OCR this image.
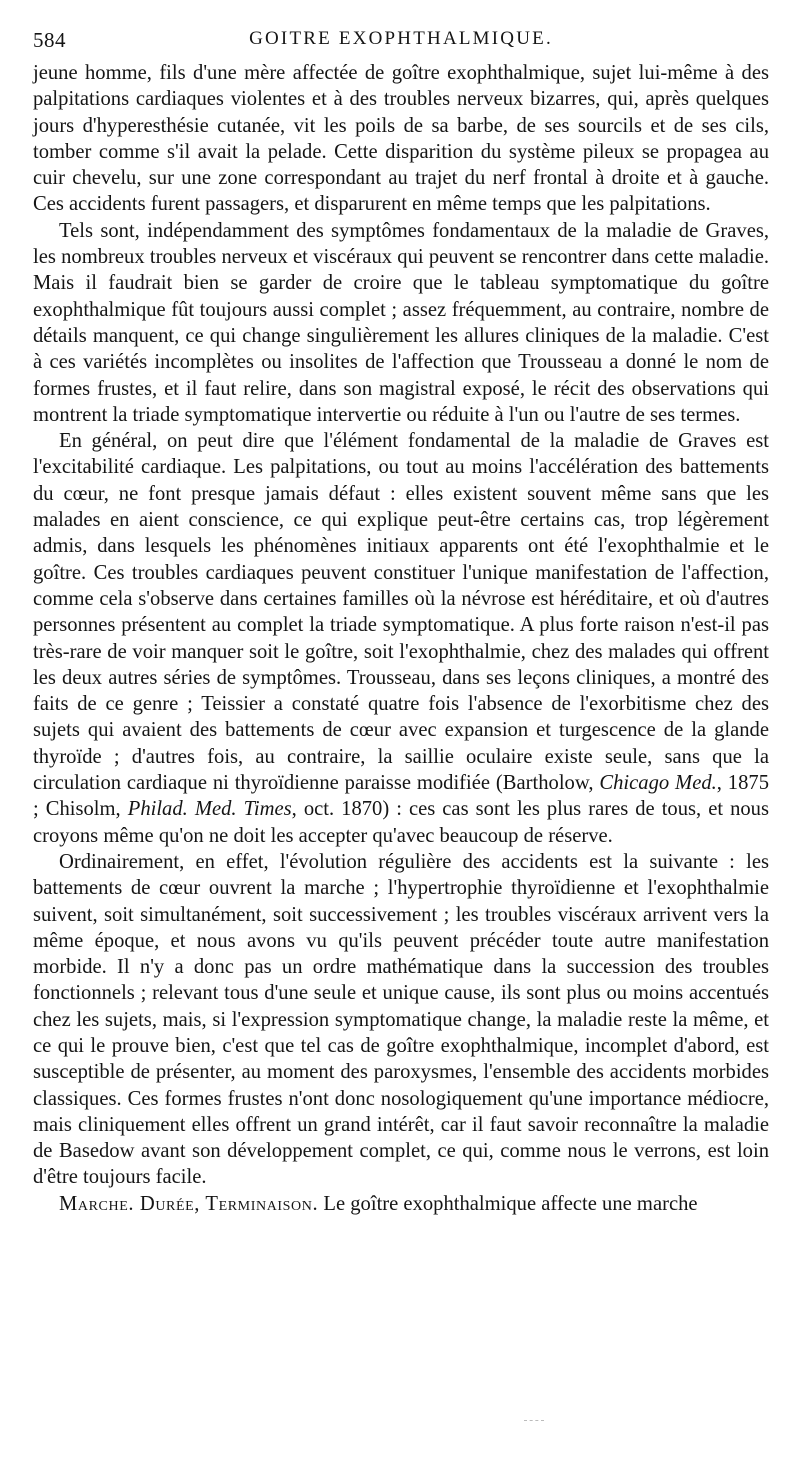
584	GOITRE EXOPHTHALMIQUE.

jeune homme, fils d'une mère affectée de goître exophthalmique, sujet lui-même à des palpitations cardiaques violentes et à des troubles nerveux bizarres, qui, après quelques jours d'hyperesthésie cutanée, vit les poils de sa barbe, de ses sourcils et de ses cils, tomber comme s'il avait la pelade. Cette disparition du système pileux se propagea au cuir chevelu, sur une zone correspondant au trajet du nerf frontal à droite et à gauche. Ces accidents furent passagers, et disparurent en même temps que les palpitations.

Tels sont, indépendamment des symptômes fondamentaux de la maladie de Graves, les nombreux troubles nerveux et viscéraux qui peuvent se rencontrer dans cette maladie. Mais il faudrait bien se garder de croire que le tableau symptomatique du goître exophthalmique fût toujours aussi complet ; assez fréquemment, au contraire, nombre de détails manquent, ce qui change singulièrement les allures cliniques de la maladie. C'est à ces variétés incomplètes ou insolites de l'affection que Trousseau a donné le nom de formes frustes, et il faut relire, dans son magistral exposé, le récit des observations qui montrent la triade symptomatique intervertie ou réduite à l'un ou l'autre de ses termes.

En général, on peut dire que l'élément fondamental de la maladie de Graves est l'excitabilité cardiaque. Les palpitations, ou tout au moins l'accélération des battements du cœur, ne font presque jamais défaut : elles existent souvent même sans que les malades en aient conscience, ce qui explique peut-être certains cas, trop légèrement admis, dans lesquels les phénomènes initiaux apparents ont été l'exophthalmie et le goître. Ces troubles cardiaques peuvent constituer l'unique manifestation de l'affection, comme cela s'observe dans certaines familles où la névrose est héréditaire, et où d'autres personnes présentent au complet la triade symptomatique. A plus forte raison n'est-il pas très-rare de voir manquer soit le goître, soit l'exophthalmie, chez des malades qui offrent les deux autres séries de symptômes. Trousseau, dans ses leçons cliniques, a montré des faits de ce genre ; Teissier a constaté quatre fois l'absence de l'exorbitisme chez des sujets qui avaient des battements de cœur avec expansion et turgescence de la glande thyroïde ; d'autres fois, au contraire, la saillie oculaire existe seule, sans que la circulation cardiaque ni thyroïdienne paraisse modifiée (Bartholow, Chicago Med., 1875 ; Chisolm, Philad. Med. Times, oct. 1870) : ces cas sont les plus rares de tous, et nous croyons même qu'on ne doit les accepter qu'avec beaucoup de réserve.

Ordinairement, en effet, l'évolution régulière des accidents est la suivante : les battements de cœur ouvrent la marche ; l'hypertrophie thyroïdienne et l'exophthalmie suivent, soit simultanément, soit successivement ; les troubles viscéraux arrivent vers la même époque, et nous avons vu qu'ils peuvent précéder toute autre manifestation morbide. Il n'y a donc pas un ordre mathématique dans la succession des troubles fonctionnels ; relevant tous d'une seule et unique cause, ils sont plus ou moins accentués chez les sujets, mais, si l'expression symptomatique change, la maladie reste la même, et ce qui le prouve bien, c'est que tel cas de goître exophthalmique, incomplet d'abord, est susceptible de présenter, au moment des paroxysmes, l'ensemble des accidents morbides classiques. Ces formes frustes n'ont donc nosologiquement qu'une importance médiocre, mais cliniquement elles offrent un grand intérêt, car il faut savoir reconnaître la maladie de Basedow avant son développement complet, ce qui, comme nous le verrons, est loin d'être toujours facile.

Marche. Durée, Terminaison. Le goître exophthalmique affecte une marche
